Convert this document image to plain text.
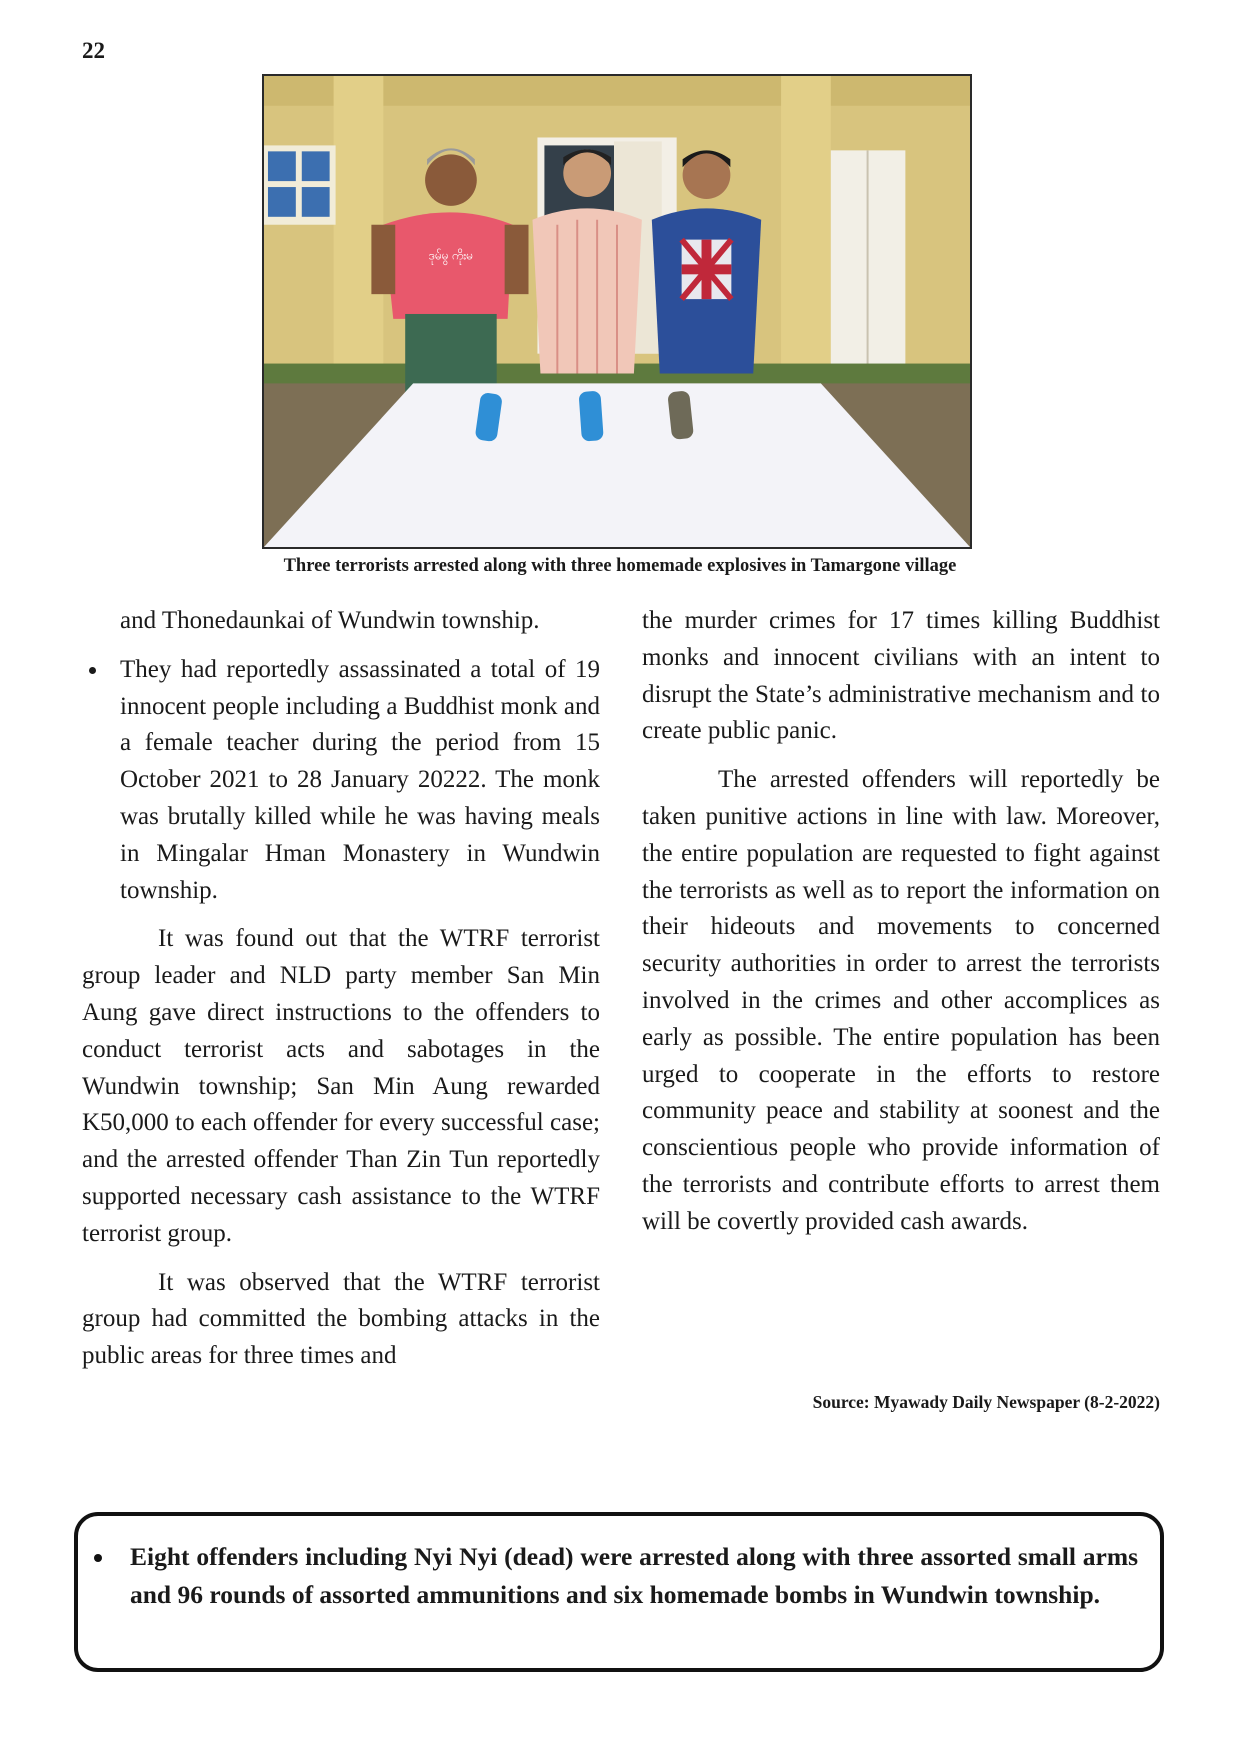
22
ဒုမ်မွ ကိုးမ
Three terrorists arrested along with three homemade explosives in Tamargone village

and Thonedaunkai of Wundwin township.

They had reportedly assassinated a total of 19 innocent people including a Buddhist monk and a female teacher during the period from 15 October 2021 to 28 January 20222. The monk was brutally killed while he was having meals in Mingalar Hman Monastery in Wundwin township.

It was found out that the WTRF terrorist group leader and NLD party member San Min Aung gave direct instructions to the offenders to conduct terrorist acts and sabotages in the Wundwin township; San Min Aung rewarded K50,000 to each offender for every successful case; and the arrested offender Than Zin Tun reportedly supported necessary cash assistance to the WTRF terrorist group.

It was observed that the WTRF terrorist group had committed the bombing attacks in the public areas for three times and

the murder crimes for 17 times killing Buddhist monks and innocent civilians with an intent to disrupt the State’s administrative mechanism and to create public panic.

The arrested offenders will reportedly be taken punitive actions in line with law. Moreover, the entire population are requested to fight against the terrorists as well as to report the information on their hideouts and movements to concerned security authorities in order to arrest the terrorists involved in the crimes and other accomplices as early as possible. The entire population has been urged to cooperate in the efforts to restore community peace and stability at soonest and the conscientious people who provide information of the terrorists and contribute efforts to arrest them will be covertly provided cash awards.

Source: Myawady Daily Newspaper (8-2-2022)
Eight offenders including Nyi Nyi (dead) were arrested along with three assorted small arms and 96 rounds of assorted ammunitions and six homemade bombs in Wundwin township.
